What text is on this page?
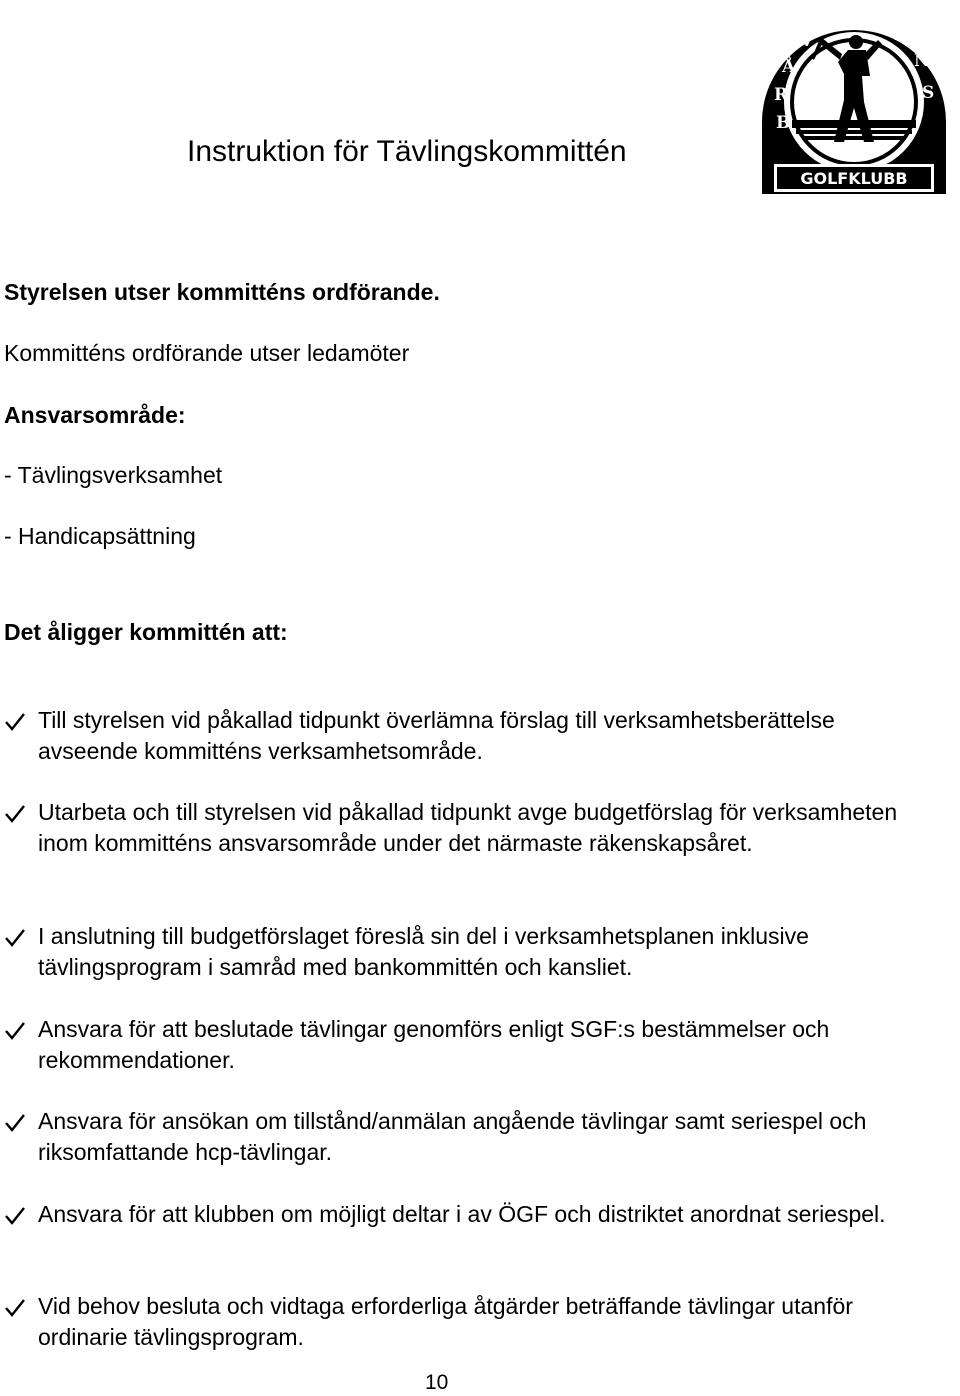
B
R
Å
V
I K
E
N
S
GOLFKLUBB
Instruktion för Tävlingskommittén
Styrelsen utser kommitténs ordförande.
Kommitténs ordförande utser ledamöter
Ansvarsområde:
- Tävlingsverksamhet
- Handicapsättning
Det åligger kommittén att:
Till styrelsen vid påkallad tidpunkt överlämna förslag till verksamhetsberättelse avseende kommitténs verksamhetsområde.
Utarbeta och till styrelsen vid påkallad tidpunkt avge budgetförslag för verksamheten inom kommitténs ansvarsområde under det närmaste räkenskapsåret.
I anslutning till budgetförslaget föreslå sin del i verksamhetsplanen inklusive tävlingsprogram i samråd med bankommittén och kansliet.
Ansvara för att beslutade tävlingar genomförs enligt SGF:s bestämmelser och rekommendationer.
Ansvara för ansökan om tillstånd/anmälan angående tävlingar samt seriespel och riksomfattande hcp-tävlingar.
Ansvara för att klubben om möjligt deltar i av ÖGF och distriktet anordnat seriespel.
Vid behov besluta och vidtaga erforderliga åtgärder beträffande tävlingar utanför ordinarie tävlingsprogram.
10
